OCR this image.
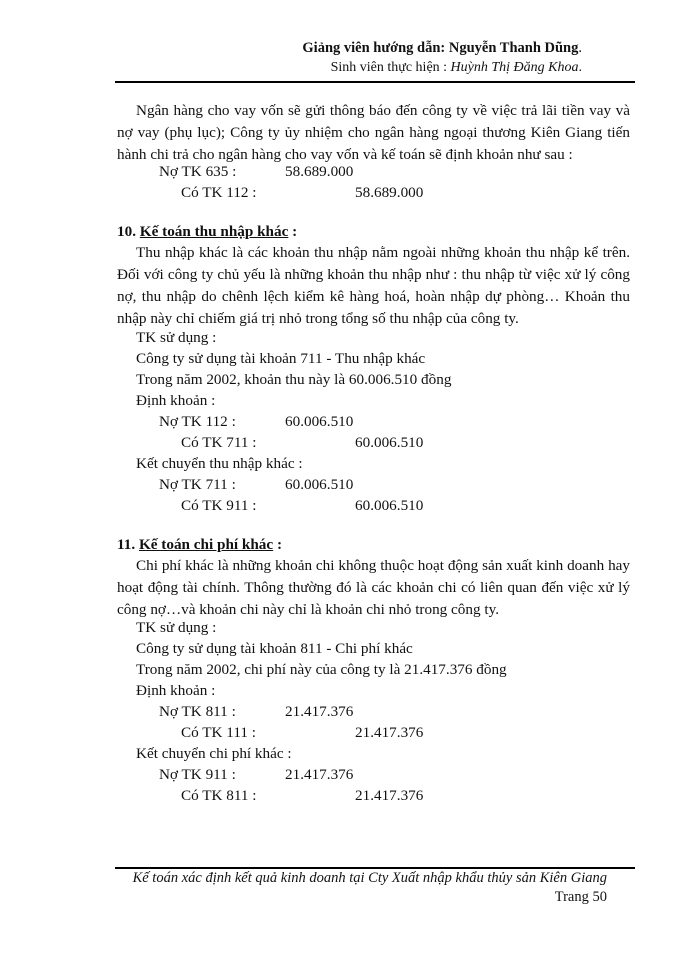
Giảng viên hướng dẫn: Nguyễn Thanh Dũng.
Sinh viên thực hiện : Huỳnh Thị Đăng Khoa.
Ngân hàng cho vay vốn sẽ gửi thông báo đến công ty về việc trả lãi tiền vay và nợ vay (phụ lục); Công ty ủy nhiệm cho ngân hàng ngoại thương Kiên Giang tiến hành chi trả cho ngân hàng cho vay vốn và kế toán sẽ định khoản như sau :
Nợ TK 635 :	58.689.000
Có TK 112 :	58.689.000
10. Kế toán thu nhập khác :
Thu nhập khác là các khoản thu nhập nằm ngoài những khoản thu nhập kể trên. Đối với công ty chủ yếu là những khoản thu nhập như : thu nhập từ việc xử lý công nợ, thu nhập do chênh lệch kiểm kê hàng hoá, hoàn nhập dự phòng… Khoản thu nhập này chỉ chiếm giá trị nhỏ trong tổng số thu nhập của công ty.
TK sử dụng :
Công ty sử dụng tài khoản 711 - Thu nhập khác
Trong năm 2002, khoản thu này là 60.006.510 đồng
Định khoản :
Nợ TK 112 :	60.006.510
Có TK 711 :	60.006.510
Kết chuyển thu nhập khác :
Nợ TK 711 :	60.006.510
Có TK 911 :	60.006.510
11. Kế toán chi phí khác :
Chi phí khác là những khoản chi không thuộc hoạt động sản xuất kinh doanh hay hoạt động tài chính. Thông thường đó là các khoản chi có liên quan đến việc xử lý công nợ…và khoản chi này chỉ là khoản chi nhỏ trong công ty.
TK sử dụng :
Công ty sử dụng tài khoản 811 - Chi phí khác
Trong năm 2002, chi phí này của công ty là 21.417.376 đồng
Định khoản :
Nợ TK 811 :	21.417.376
Có TK 111 :	21.417.376
Kết chuyển chi phí khác :
Nợ TK 911 :	21.417.376
Có TK 811 :	21.417.376
Kế toán xác định kết quả kinh doanh tại Cty Xuất nhập khẩu thủy sản Kiên Giang
Trang 50
